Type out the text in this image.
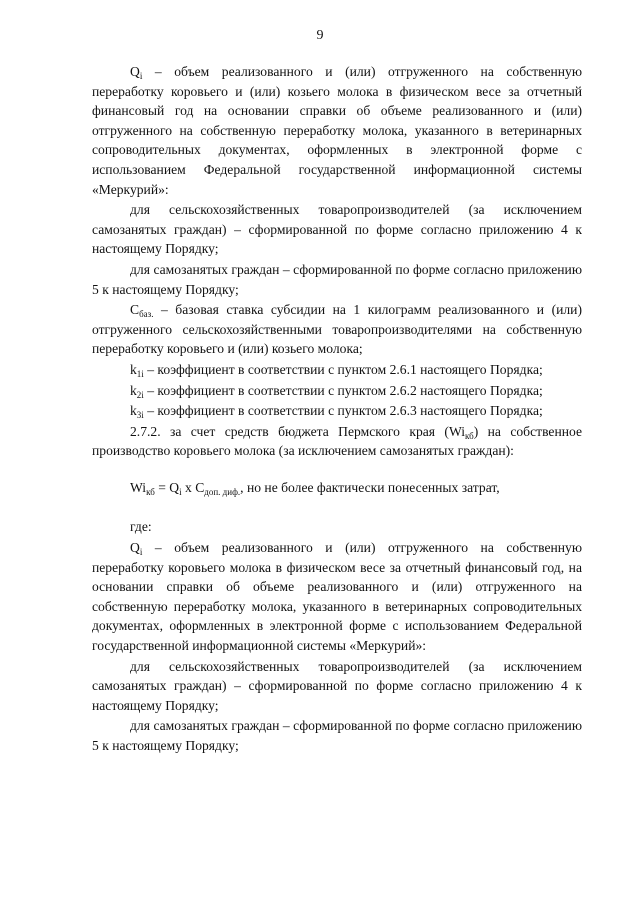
9

$Q_i$ – объем реализованного и (или) отгруженного на собственную переработку коровьего и (или) козьего молока в физическом весе за отчетный финансовый год на основании справки об объеме реализованного и (или) отгруженного на собственную переработку молока, указанного в ветеринарных сопроводительных документах, оформленных в электронной форме с использованием Федеральной государственной информационной системы «Меркурий»:

для сельскохозяйственных товаропроизводителей (за исключением самозанятых граждан) – сформированной по форме согласно приложению 4 к настоящему Порядку;

для самозанятых граждан – сформированной по форме согласно приложению 5 к настоящему Порядку;

$С_{баз.}$ – базовая ставка субсидии на 1 килограмм реализованного и (или) отгруженного сельскохозяйственными товаропроизводителями на собственную переработку коровьего и (или) козьего молока;

$k_{1i}$ – коэффициент в соответствии с пунктом 2.6.1 настоящего Порядка;

$k_{2i}$ – коэффициент в соответствии с пунктом 2.6.2 настоящего Порядка;

$k_{3i}$ – коэффициент в соответствии с пунктом 2.6.3 настоящего Порядка;

2.7.2. за счет средств бюджета Пермского края $(Wi_{кб})$ на собственное производство коровьего молока (за исключением самозанятых граждан):

$Wi_{кб} = Q_i$ х $С_{доп. диф.}$, но не более фактически понесенных затрат,

где:

$Q_i$ – объем реализованного и (или) отгруженного на собственную переработку коровьего молока в физическом весе за отчетный финансовый год, на основании справки об объеме реализованного и (или) отгруженного на собственную переработку молока, указанного в ветеринарных сопроводительных документах, оформленных в электронной форме с использованием Федеральной государственной информационной системы «Меркурий»:

для сельскохозяйственных товаропроизводителей (за исключением самозанятых граждан) – сформированной по форме согласно приложению 4 к настоящему Порядку;

для самозанятых граждан – сформированной по форме согласно приложению 5 к настоящему Порядку;
